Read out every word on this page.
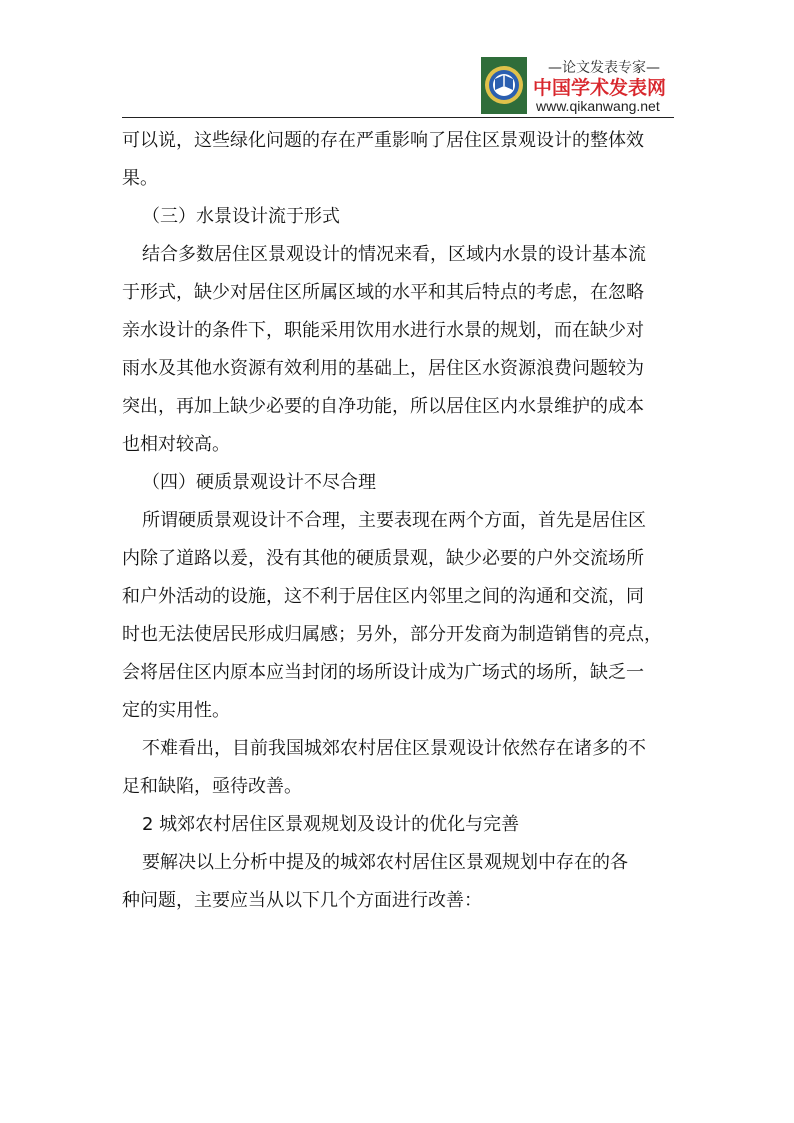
—论文发表专家—
中国学术发表网
www.qikanwang.net

可以说，这些绿化问题的存在严重影响了居住区景观设计的整体效

果。

（三）水景设计流于形式

结合多数居住区景观设计的情况来看，区域内水景的设计基本流

于形式，缺少对居住区所属区域的水平和其后特点的考虑，在忽略

亲水设计的条件下，职能采用饮用水进行水景的规划，而在缺少对

雨水及其他水资源有效利用的基础上，居住区水资源浪费问题较为

突出，再加上缺少必要的自净功能，所以居住区内水景维护的成本

也相对较高。

（四）硬质景观设计不尽合理

所谓硬质景观设计不合理，主要表现在两个方面，首先是居住区

内除了道路以爰，没有其他的硬质景观，缺少必要的户外交流场所

和户外活动的设施，这不利于居住区内邻里之间的沟通和交流，同

时也无法使居民形成归属感；另外，部分开发商为制造销售的亮点，

会将居住区内原本应当封闭的场所设计成为广场式的场所，缺乏一

定的实用性。

不难看出，目前我国城郊农村居住区景观设计依然存在诸多的不

足和缺陷，亟待改善。

2 城郊农村居住区景观规划及设计的优化与完善

要解决以上分析中提及的城郊农村居住区景观规划中存在的各

种问题，主要应当从以下几个方面进行改善：
